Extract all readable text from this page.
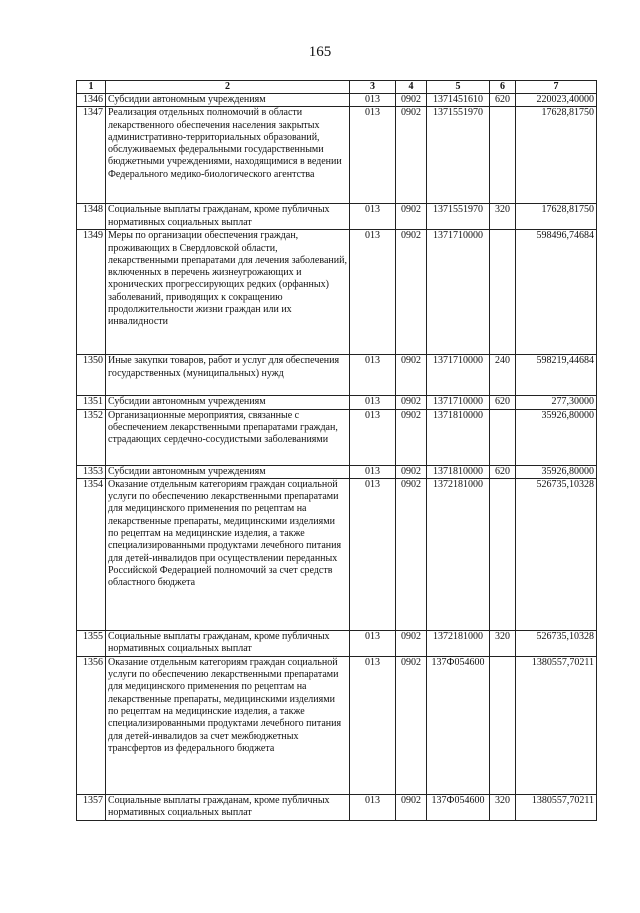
165
1	2	3	4	5	6	7
1346	Субсидии автономным учреждениям	013	0902	1371451610	620	220023,40000
1347	Реализация отдельных полномочий в области лекарственного обеспечения населения закрытых административно-территориальных образований, обслуживаемых федеральными государственными бюджетными учреждениями, находящимися в ведении Федерального медико-биологического агентства	013	0902	1371551970		17628,81750
1348	Социальные выплаты гражданам, кроме публичных нормативных социальных выплат	013	0902	1371551970	320	17628,81750
1349	Меры по организации обеспечения граждан, проживающих в Свердловской области, лекарственными препаратами для лечения заболеваний, включенных в перечень жизнеугрожающих и хронических прогрессирующих редких (орфанных) заболеваний, приводящих к сокращению продолжительности жизни граждан или их инвалидности	013	0902	1371710000		598496,74684
1350	Иные закупки товаров, работ и услуг для обеспечения государственных (муниципальных) нужд	013	0902	1371710000	240	598219,44684
1351	Субсидии автономным учреждениям	013	0902	1371710000	620	277,30000
1352	Организационные мероприятия, связанные с обеспечением лекарственными препаратами граждан, страдающих сердечно-сосудистыми заболеваниями	013	0902	1371810000		35926,80000
1353	Субсидии автономным учреждениям	013	0902	1371810000	620	35926,80000
1354	Оказание отдельным категориям граждан социальной услуги по обеспечению лекарственными препаратами для медицинского применения по рецептам на лекарственные препараты, медицинскими изделиями по рецептам на медицинские изделия, а также специализированными продуктами лечебного питания для детей-инвалидов при осуществлении переданных Российской Федерацией полномочий за счет средств областного бюджета	013	0902	1372181000		526735,10328
1355	Социальные выплаты гражданам, кроме публичных нормативных социальных выплат	013	0902	1372181000	320	526735,10328
1356	Оказание отдельным категориям граждан социальной услуги по обеспечению лекарственными препаратами для медицинского применения по рецептам на лекарственные препараты, медицинскими изделиями по рецептам на медицинские изделия, а также специализированными продуктами лечебного питания для детей-инвалидов за счет межбюджетных трансфертов из федерального бюджета	013	0902	137Ф054600		1380557,70211
1357	Социальные выплаты гражданам, кроме публичных нормативных социальных выплат	013	0902	137Ф054600	320	1380557,70211
